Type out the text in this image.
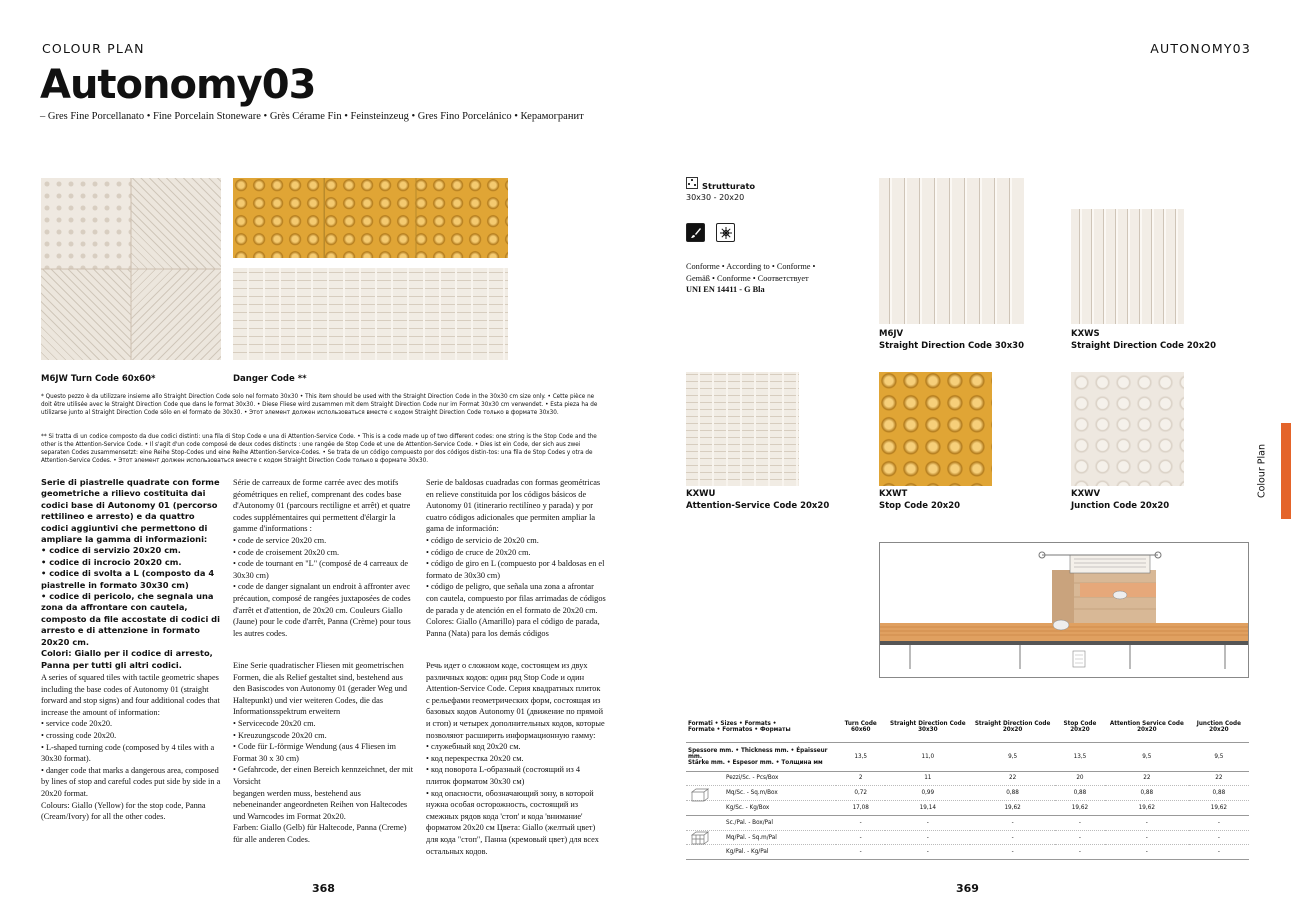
COLOUR PLAN	AUTONOMY03
Autonomy03
– Gres Fine Porcellanato • Fine Porcelain Stoneware • Grès Cérame Fin • Feinsteinzeug • Gres Fino Porcelánico • Керамогранит
M6JW Turn Code 60x60*	Danger Code **
* Questo pezzo è da utilizzare insieme allo Straight Direction Code solo nel formato 30x30 • This item should be used with the Straight Direction Code in the 30x30 cm size only. • Cette pièce ne doit être utilisée avec le Straight Direction Code que dans le format 30x30. • Diese Fliese wird zusammen mit dem Straight Direction Code nur im Format 30x30 cm verwendet. • Esta pieza ha de utilizarse junto al Straight Direction Code sólo en el formato de 30x30. • Этот элемент должен использоваться вместе с кодом Straight Direction Code только в формате 30x30.
** Si tratta di un codice composto da due codici distinti: una fila di Stop Code e una di Attention-Service Code. • This is a code made up of two different codes: one string is the Stop Code and the other is the Attention-Service Code. • Il s'agit d'un code composé de deux codes distincts : une rangée de Stop Code et une de Attention-Service Code. • Dies ist ein Code, der sich aus zwei separaten Codes zusammensetzt: eine Reihe Stop-Codes und eine Reihe Attention-Service-Codes. • Se trata de un código compuesto por dos códigos distin-tos: una fila de Stop Codes y otra de Attention-Service Codes. • Этот элемент должен использоваться вместе с кодом Straight Direction Code только в формате 30x30.
Serie di piastrelle quadrate con forme geometriche a rilievo costituita dai codici base di Autonomy 01 (percorso rettilineo e arresto) e da quattro codici aggiuntivi che permettono di ampliare la gamma di informazioni:
• codice di servizio 20x20 cm.
• codice di incrocio 20x20 cm.
• codice di svolta a L (composto da 4 piastrelle in formato 30x30 cm)
• codice di pericolo, che segnala una zona da affrontare con cautela, composto da file accostate di codici di arresto e di attenzione in formato 20x20 cm.
Colori: Giallo per il codice di arresto, Panna per tutti gli altri codici.
A series of squared tiles with tactile geometric shapes including the base codes of Autonomy 01 (straight forward and stop signs) and four additional codes that increase the amount of information:
• service code 20x20.
• crossing code 20x20.
• L-shaped turning code (composed by 4 tiles with a 30x30 format).
• danger code that marks a dangerous area, composed by lines of stop and careful codes put side by side in a 20x20 format.
Colours: Giallo (Yellow) for the stop code, Panna (Cream/Ivory) for all the other codes.
Série de carreaux de forme carrée avec des motifs géométriques en relief, comprenant des codes base d'Autonomy 01 (parcours rectiligne et arrêt) et quatre codes supplémentaires qui permettent d'élargir la gamme d'informations :
• code de service 20x20 cm.
• code de croisement 20x20 cm.
• code de tournant en "L" (composé de 4 carreaux de 30x30 cm)
• code de danger signalant un endroit à affronter avec précaution, composé de rangées juxtaposées de codes d'arrêt et d'attention, de 20x20 cm. Couleurs Giallo (Jaune) pour le code d'arrêt, Panna (Crème) pour tous les autres codes.
Eine Serie quadratischer Fliesen mit geometrischen Formen, die als Relief gestaltet sind, bestehend aus den Basiscodes von Autonomy 01 (gerader Weg und Haltepunkt) und vier weiteren Codes, die das Informationsspektrum erweitern
• Servicecode 20x20 cm.
• Kreuzungscode 20x20 cm.
• Code für L-förmige Wendung (aus 4 Fliesen im Format 30 x 30 cm)
• Gefahrcode, der einen Bereich kennzeichnet, der mit Vorsicht
begangen werden muss, bestehend aus
nebeneinander angeordneten Reihen von Haltecodes und Warncodes im Format 20x20.
Farben: Giallo (Gelb) für Haltecode, Panna (Creme) für alle anderen Codes.
Serie de baldosas cuadradas con formas geométricas en relieve constituida por los códigos básicos de Autonomy 01 (itinerario rectilíneo y parada) y por cuatro códigos adicionales que permiten ampliar la gama de información:
• código de servicio de 20x20 cm.
• código de cruce de 20x20 cm.
• código de giro en L (compuesto por 4 baldosas en el formato de 30x30 cm)
• código de peligro, que señala una zona a afrontar con cautela, compuesto por filas arrimadas de códigos de parada y de atención en el formato de 20x20 cm. Colores: Giallo (Amarillo) para el código de parada, Panna (Nata) para los demás códigos
Речь идет о сложном коде, состоящем из двух различных кодов: один ряд Stop Code и один Attention-Service Code. Серия квадратных плиток с рельефами геометрических форм, состоящая из базовых кодов Autonomy 01 (движение по прямой и стоп) и четырех дополнительных кодов, которые позволяют расширить информационную гамму:
• служебный код 20x20 см.
• код перекрестка 20x20 см.
• код поворота L-образный (состоящий из 4 плиток форматом 30x30 см)
• код опасности, обозначающий зону, в которой нужна особая осторожность, состоящий из смежных рядов кода 'стоп' и кода 'внимание' форматом 20x20 см Цвета: Giallo (желтый цвет) для кода "стоп", Панна (кремовый цвет) для всех остальных кодов.
368	369
Strutturato
30x30 - 20x20
Conforme • According to • Conforme •
Gemäß • Conforme • Соответствует
UNI EN 14411 - G Bla
M6JV
Straight Direction Code 30x30
KXWS
Straight Direction Code 20x20
KXWU
Attention-Service Code 20x20
KXWT
Stop Code 20x20
KXWV
Junction Code 20x20
Formati • Sizes • Formats •
Formate • Formatos • Форматы	Turn Code 60x60	Straight Direction Code 30x30	Straight Direction Code 20x20	Stop Code 20x20	Attention Service Code 20x20	Junction Code 20x20

Spessore mm. • Thickness mm. • Épaisseur mm.
Stärke mm. • Espesor mm. • Толщина мм	13,5	11,0	9,5	13,5	9,5	9,5

Pezzi/Sc. - Pcs/Box	2	11	22	20	22	22
Mq/Sc. - Sq.m/Box	0,72	0,99	0,88	0,88	0,88	0,88
Kg/Sc. - Kg/Box	17,08	19,14	19,62	19,62	19,62	19,62

Sc./Pal. - Box/Pal	-	-	-	-	-	-
Mq/Pal. - Sq.m/Pal	-	-	-	-	-	-
Kg/Pal. - Kg/Pal	-	-	-	-	-	-
Colour Plan
